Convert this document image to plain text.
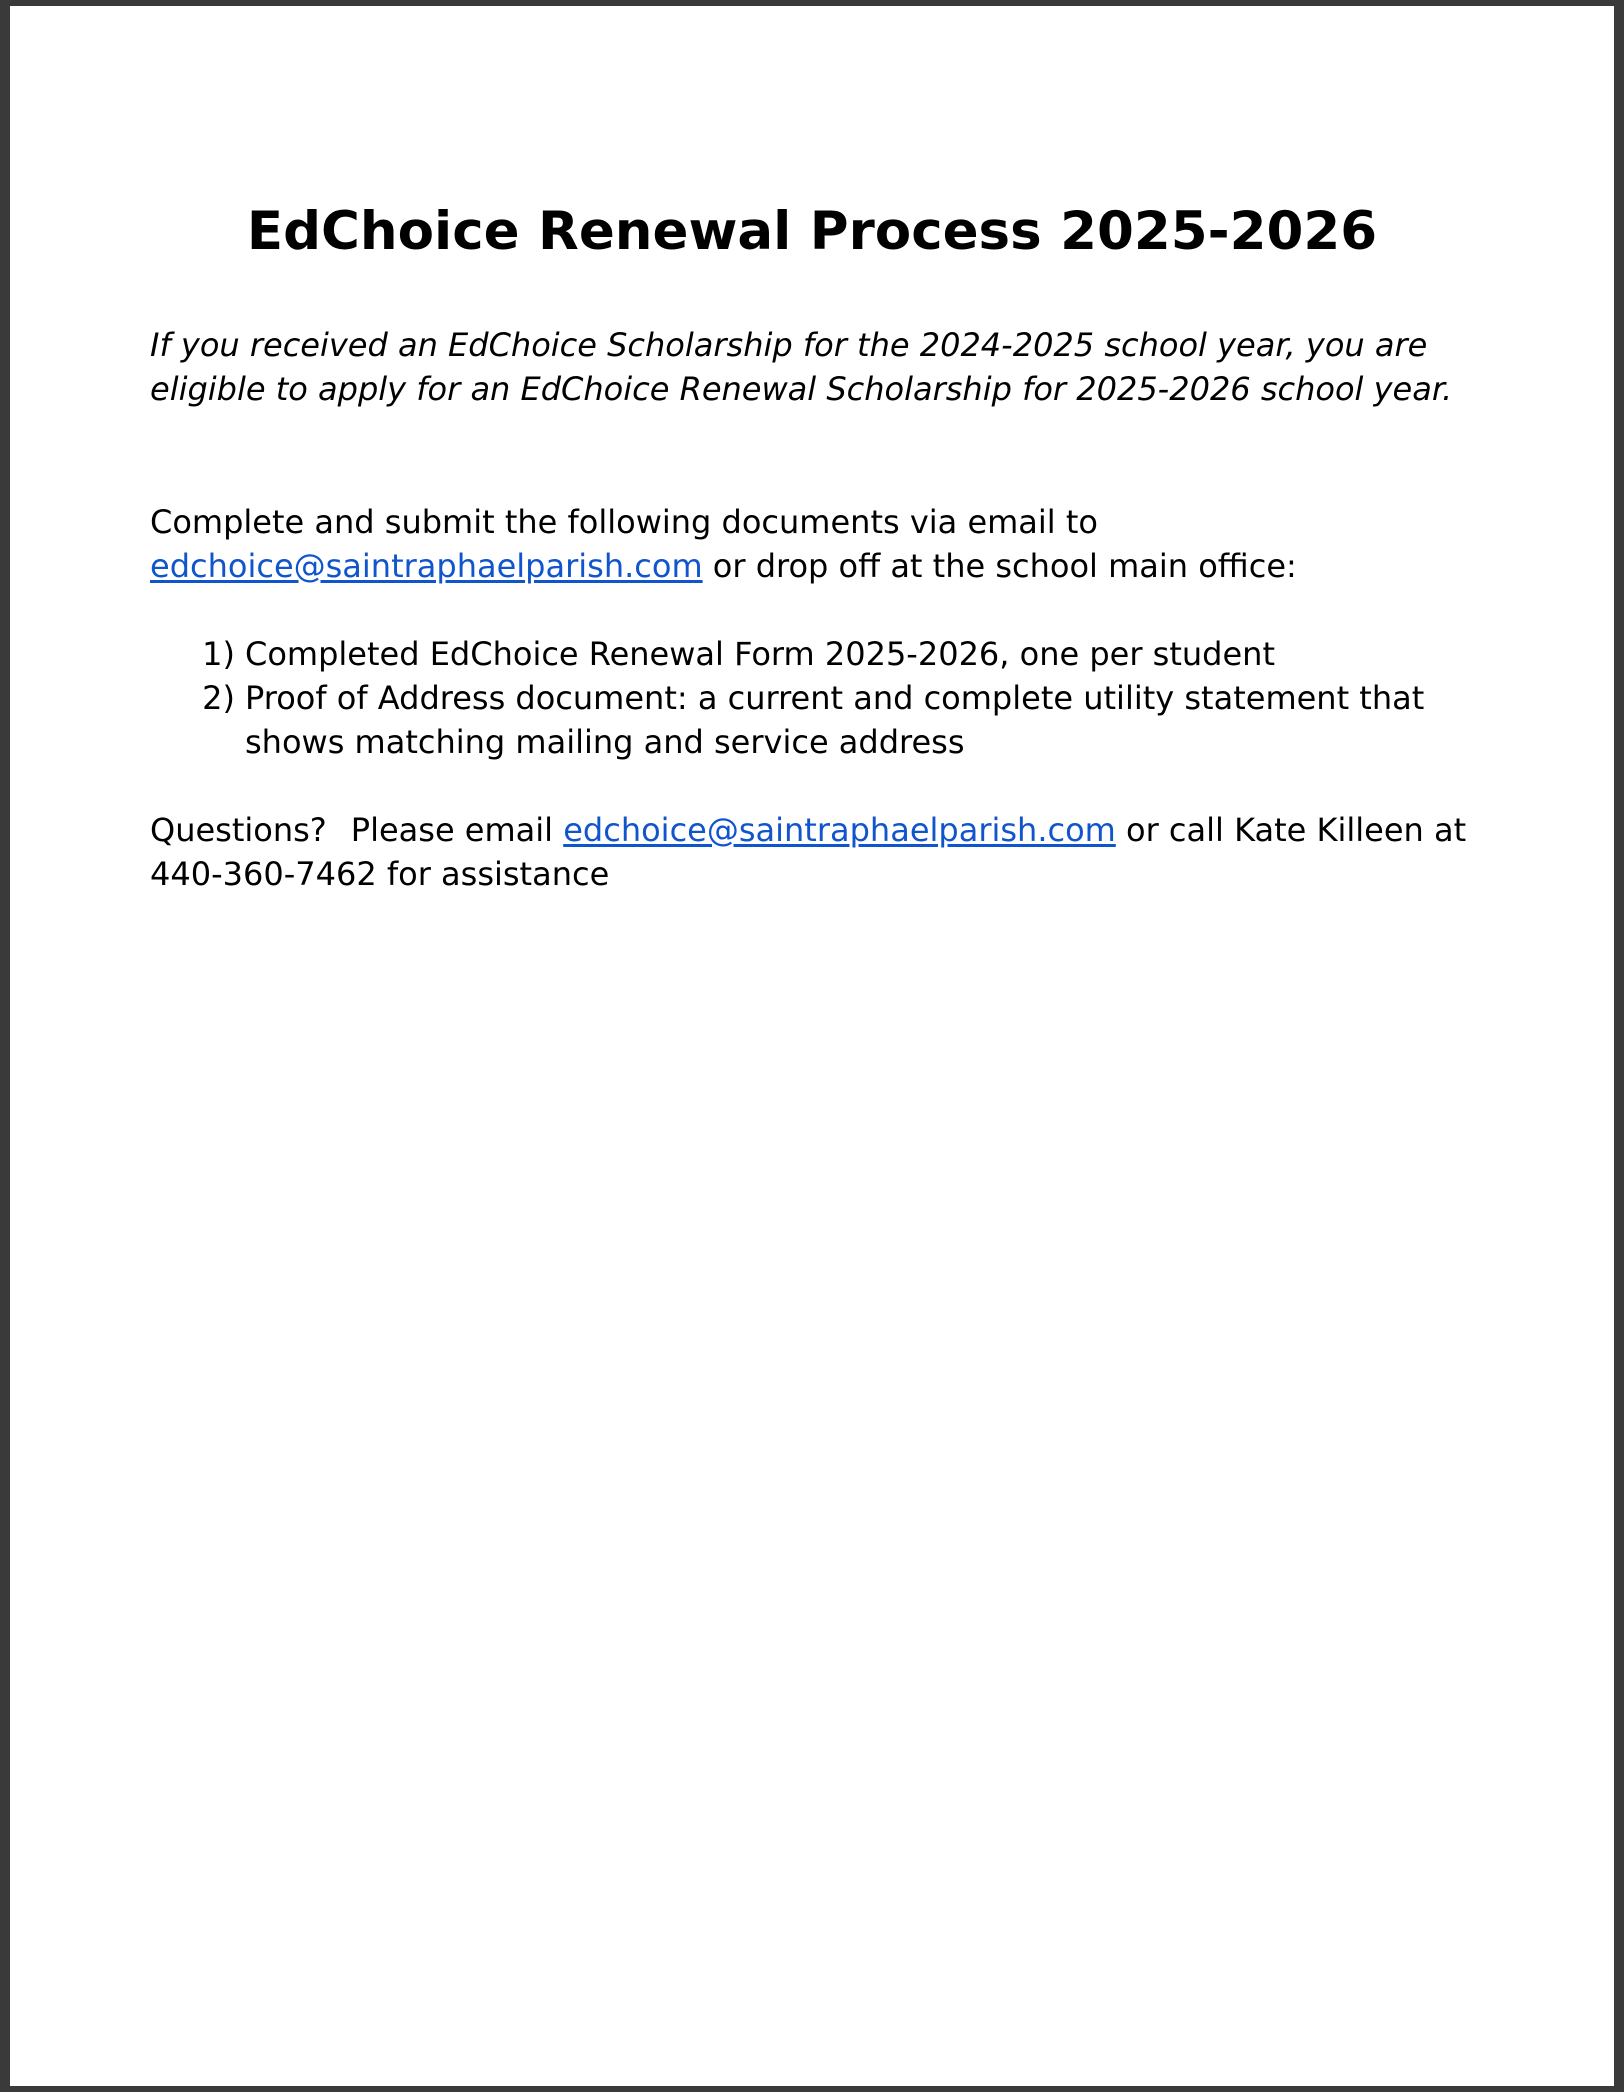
EdChoice Renewal Process 2025-2026

If you received an EdChoice Scholarship for the 2024-2025 school year, you are
eligible to apply for an EdChoice Renewal Scholarship for 2025-2026 school year.

Complete and submit the following documents via email to
edchoice@saintraphaelparish.com or drop off at the school main office:

1) Completed EdChoice Renewal Form 2025-2026, one per student
2) Proof of Address document: a current and complete utility statement that
shows matching mailing and service address

Questions? Please email edchoice@saintraphaelparish.com or call Kate Killeen at
440-360-7462 for assistance
